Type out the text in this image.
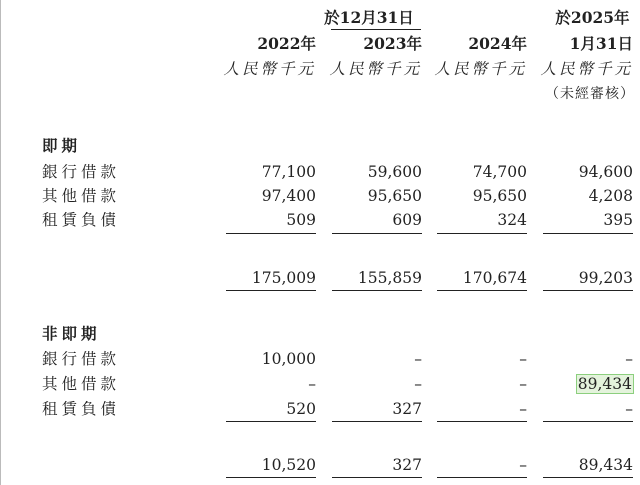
於12月31日	於2025年
2022年	2023年	2024年	1月31日
人民幣千元 人民幣千元 人民幣千元 人民幣千元
（未經審核）
即期
銀行借款	77,100	59,600	74,700	94,600
其他借款	97,400	95,650	95,650	4,208
租賃負債	509	609	324	395
175,009	155,859	170,674	99,203
非即期
銀行借款	10,000	–	–	–
其他借款	–	–	–	89,434
租賃負債	520	327	–	–
10,520	327	–	89,434
